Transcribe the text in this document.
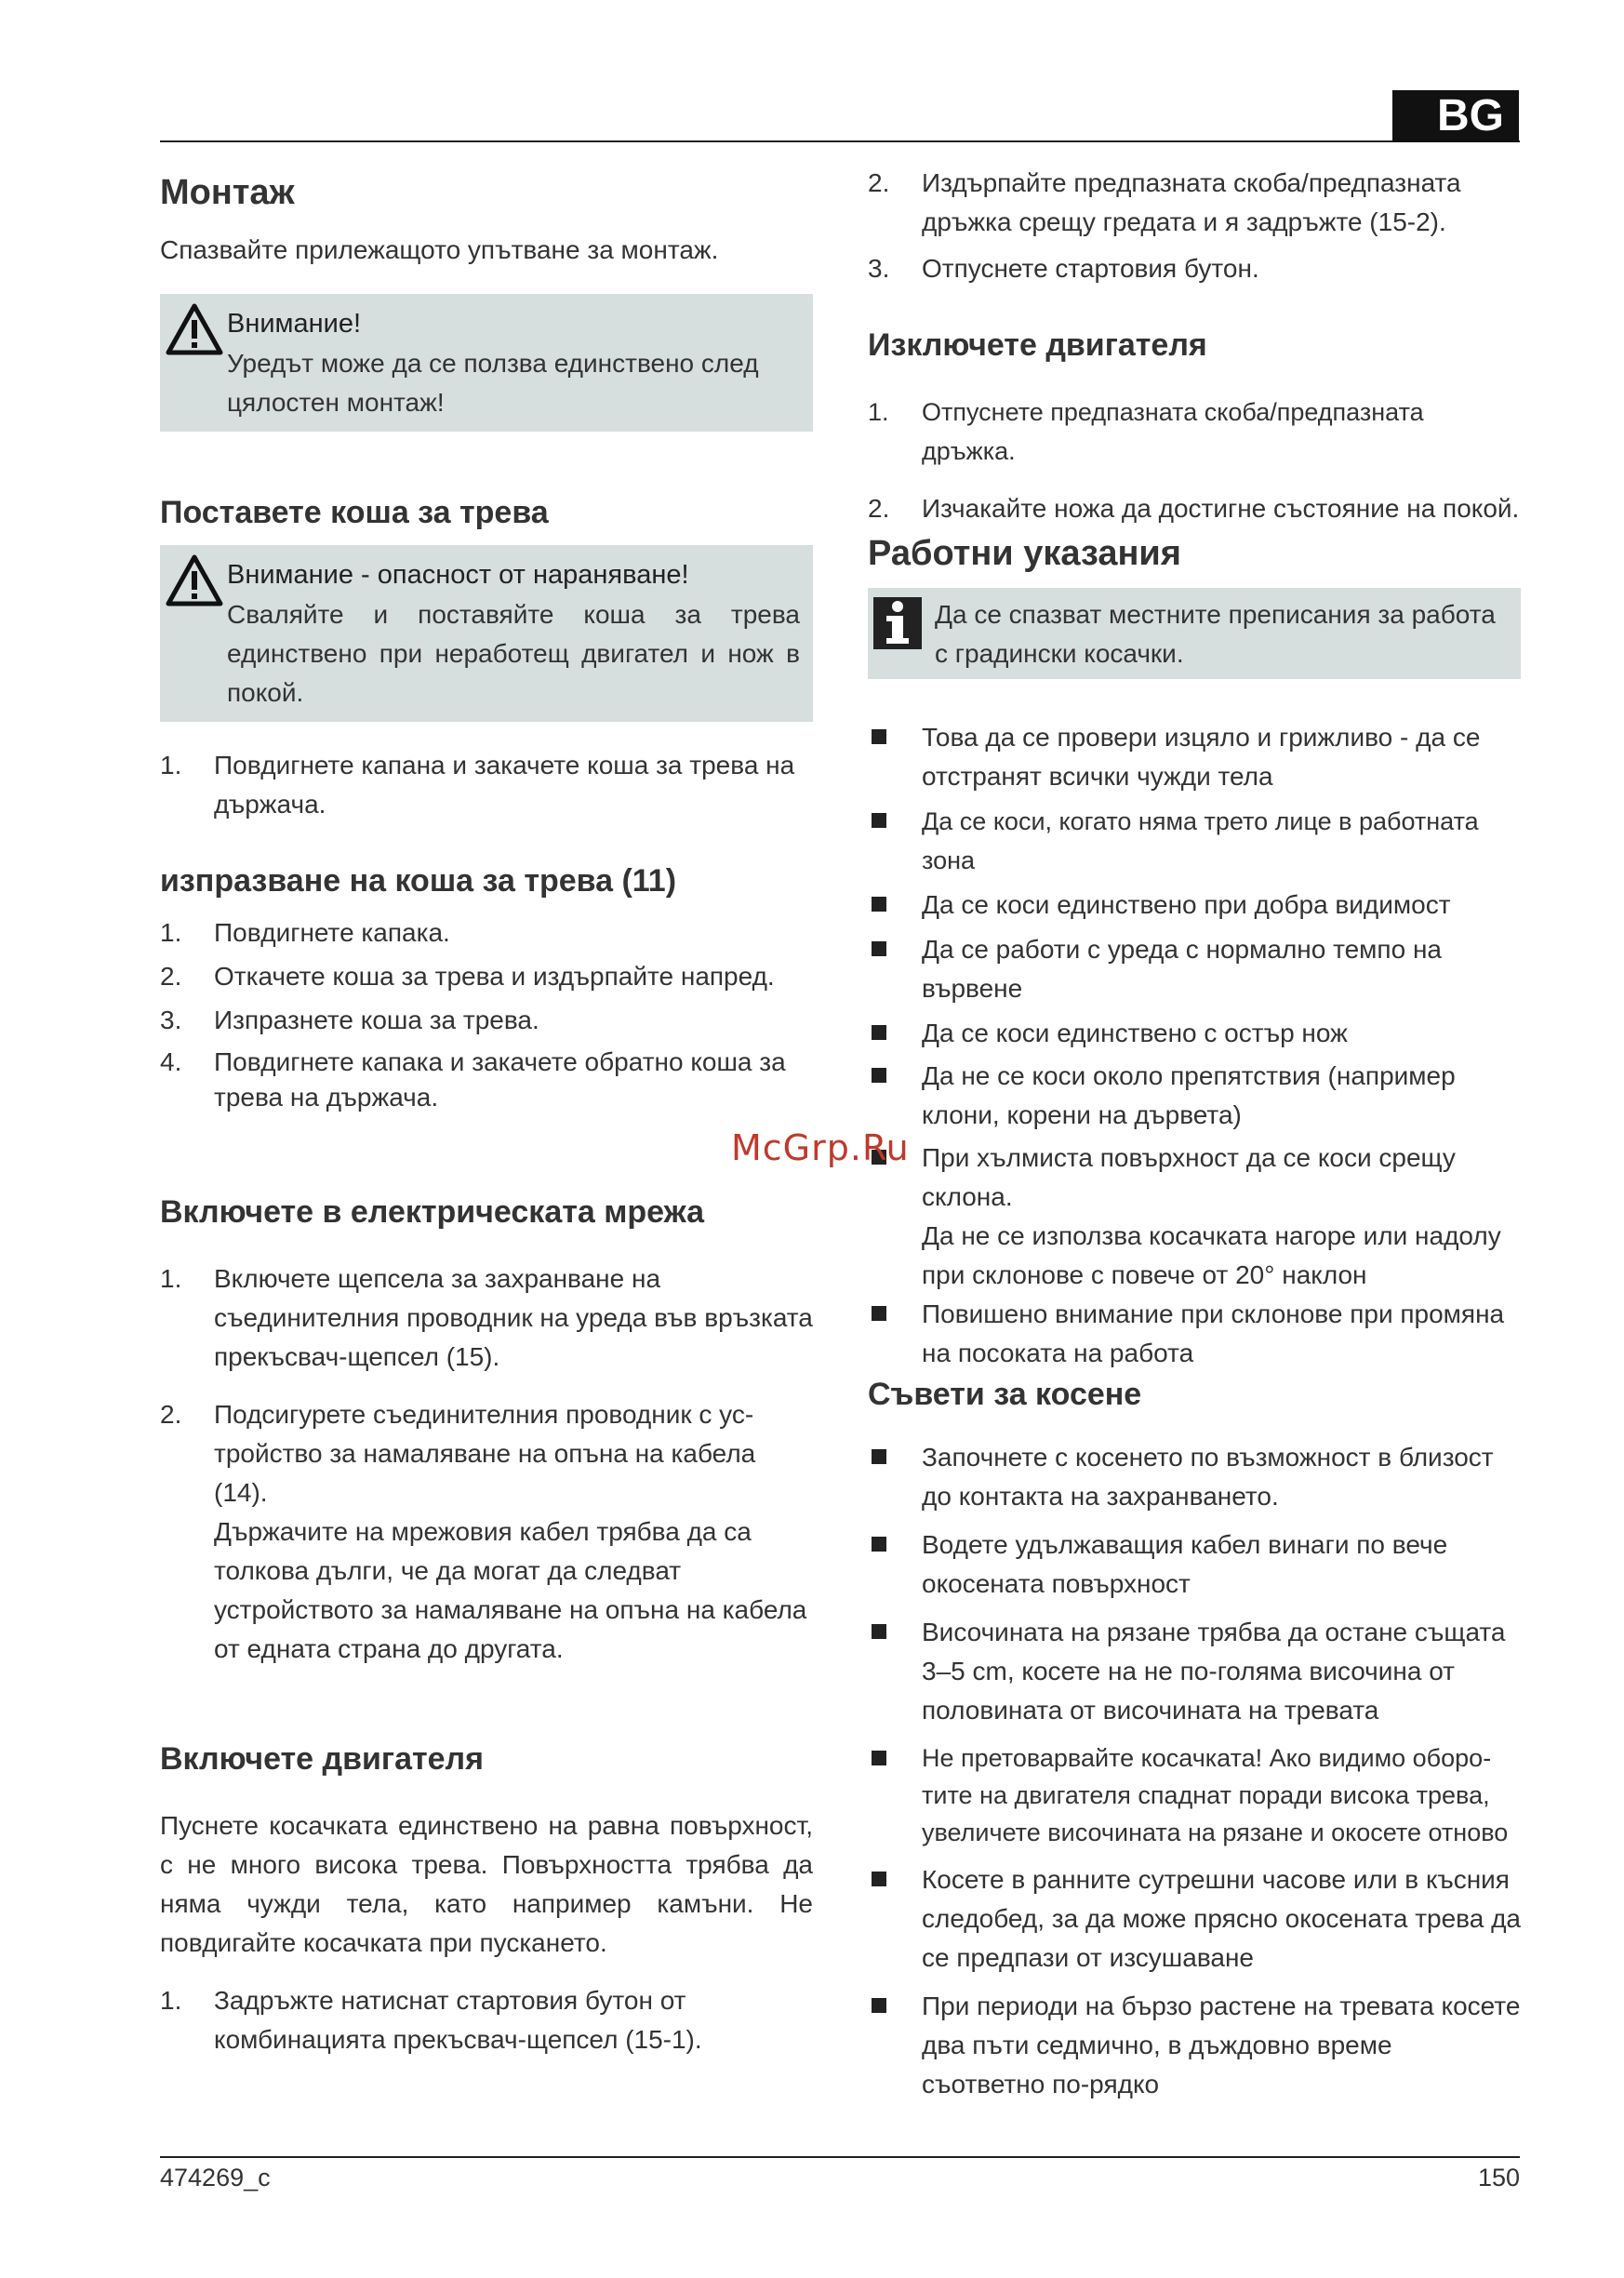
BG
Монтаж

Спазвайте прилежащото упътване за монтаж.

Внимание!
Уредът може да се ползва единствено след цялостен монтаж!
Поставете коша за трева
Внимание - опасност от нараняване!
Сваляйте и поставяйте коша за трева единствено при неработещ двигател и нож в покой.
1. Повдигнете капана и закачете коша за трева на държача.
изпразване на коша за трева (11)
1. Повдигнете капака.
2. Откачете коша за трева и издърпайте напред.
3. Изпразнете коша за трева.
4. Повдигнете капака и закачете обратно коша за трева на държача.
Включете в електрическата мрежа
1. Включете щепсела за захранване на съединителния проводник на уреда във връзката прекъсвач-щепсел (15).
2. Подсигурете съединителния проводник с ус-тройство за намаляване на опъна на кабела (14).
Държачите на мрежовия кабел трябва да са толкова дълги, че да могат да следват устройството за намаляване на опъна на кабела от едната страна до другата.
Включете двигателя

Пуснете косачката единствено на равна повърхност, с не много висока трева. Повърхността трябва да няма чужди тела, като например камъни. Не повдигайте косачката при пускането.

1. Задръжте натиснат стартовия бутон от комбинацията прекъсвач-щепсел (15-1).
2. Издърпайте предпазната скоба/предпазната дръжка срещу гредата и я задръжте (15-2).
3. Отпуснете стартовия бутон.
Изключете двигателя
1. Отпуснете предпазната скоба/предпазната дръжка.
2. Изчакайте ножа да достигне състояние на покой.
Работни указания
Да се спазват местните преписания за работа с градински косачки.
Това да се провери изцяло и грижливо - да се отстранят всички чужди тела
Да се коси, когато няма трето лице в работната зона
Да се коси единствено при добра видимост
Да се работи с уреда с нормално темпо на вървене
Да се коси единствено с остър нож
Да не се коси около препятствия (например клони, корени на дървета)
При хълмиста повърхност да се коси срещу склона.
Да не се използва косачката нагоре или надолу при склонове с повече от 20° наклон
Повишено внимание при склонове при промяна на посоката на работа
Съвети за косене
Започнете с косенето по възможност в близост до контакта на захранването.
Водете удължаващия кабел винаги по вече окосената повърхност
Височината на рязане трябва да остане същата 3–5 cm, косете на не по-голяма височина от половината от височината на тревата
Не претоварвайте косачката! Ако видимо оборо-тите на двигателя спаднат поради висока трева, увеличете височината на рязане и окосете отново
Косете в ранните сутрешни часове или в късния следобед, за да може прясно окосената трева да се предпази от изсушаване
При периоди на бързо растене на тревата косете два пъти седмично, в дъждовно време съответно по-рядко
McGrp.Ru
474269_c	150
